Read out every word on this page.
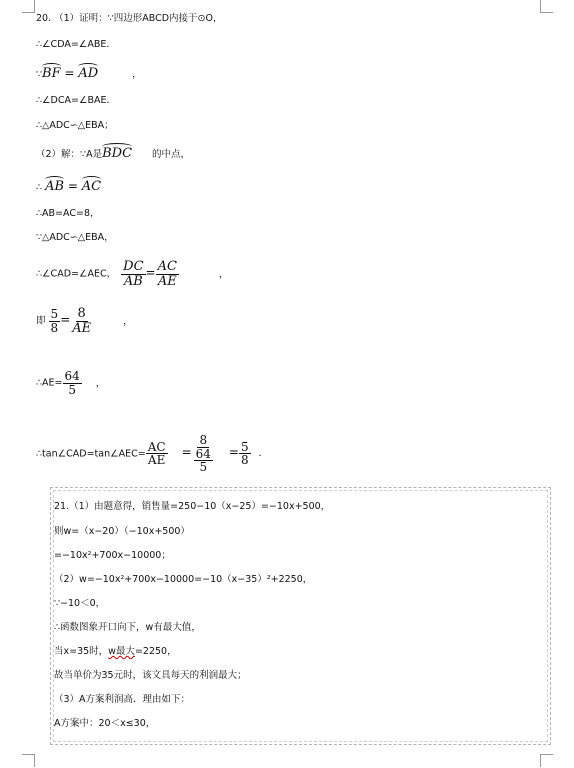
20. （1）证明：∵四边形ABCD内接于⊙O，
∴∠CDA=∠ABE．
∵BF = AD	，
∴∠DCA=∠BAE．
∴△ADC∽△EBA；
（2）解：∵A是BDC 的中点，
∴ AB = AC
∴AB=AC=8，
∵△ADC∽△EBA，
∴∠CAD=∠AEC， $\frac{DC}{AB} = \frac{AC}{AE}$	，
即 $\frac{5}{8} = \frac{8}{AE}$	，
∴AE= $\frac{64}{5}$ ，
∴tan∠CAD=tan∠AEC= $\frac{AC}{AE} = \frac{8}{\frac{64}{5}} = \frac{5}{8}$ ．
21.（1）由题意得，销售量=250−10（x−25）=−10x+500，
则w=（x−20）（−10x+500）
=−10x²+700x−10000；
（2）w=−10x²+700x−10000=−10（x−35）²+2250，
∵−10＜0，
∴函数图象开口向下，w有最大值，
当x=35时，w最大=2250，
故当单价为35元时，该文具每天的利润最大；
（3）A方案利润高．理由如下：
A方案中：20＜x≤30，
